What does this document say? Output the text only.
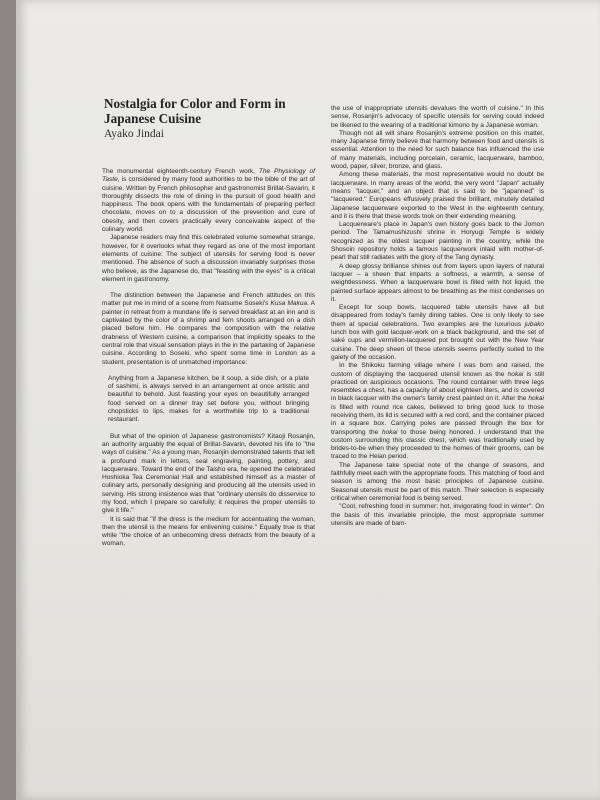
Nostalgia for Color and Form in Japanese Cuisine
Ayako Jindai

The monumental eighteenth-century French work, The Physiology of Taste, is considered by many food authorities to be the bible of the art of cuisine. Written by French philosopher and gastronomist Brillat-Savarin, it thoroughly dissects the role of dining in the pursuit of good health and happiness. The book opens with the fundamentals of preparing perfect chocolate, moves on to a discussion of the prevention and cure of obesity, and then covers practically every conceivable aspect of the culinary world.

Japanese readers may find this celebrated volume somewhat strange, however, for it overlooks what they regard as one of the most important elements of cuisine: The subject of utensils for serving food is never mentioned. The absence of such a discussion invariably surprises those who believe, as the Japanese do, that ''feasting with the eyes'' is a critical element in gastronomy.

The distinction between the Japanese and French attitudes on this matter put me in mind of a scene from Natsume Soseki's Kusa Makua. A painter in retreat from a mundane life is served breakfast at an inn and is captivated by the color of a shrimp and fern shoots arranged on a dish placed before him. He compares the composition with the relative drabness of Western cuisine, a comparison that implicitly speaks to the central role that visual sensation plays in the in the partaking of Japanese cuisine. According to Soseki, who spent some time in London as a student, presentation is of unmatched importance:

Anything from a Japanese kitchen, be it soup, a side dish, or a plate of sashimi, is always served in an arrangement at once artistic and beautiful to behold. Just feasting your eyes on beautifully arranged food served on a dinner tray set before you, without bringing chopsticks to lips, makes for a worthwhile trip to a traditional restaurant.

But what of the opinion of Japanese gastronomists? Kitaoji Rosanjin, an authority arguably the equal of Brillat-Savarin, devoted his life to ''the ways of cuisine.'' As a young man, Rosanjin demonstrated talents that left a profound mark in letters, seal engraving, painting, pottery, and lacquerware. Toward the end of the Taisho era, he opened the celebrated Hoshioka Tea Ceremonial Hall and established himself as a master of culinary arts, personally designing and producing all the utensils used in serving. His strong insistence was that ''ordinary utensils do disservice to my food, which I prepare so carefully; it requires the proper utensils to give it life.''

It is said that ''if the dress is the medium for accentuating the woman, then the utensil is the means for enlivening cuisine.'' Equally true is that while ''the choice of an unbecoming dress detracts from the beauty of a woman,

the use of inappropriate utensils devalues the worth of cuisine.'' In this sense, Rosanjin's advocacy of specific utensils for serving could indeed be likened to the wearing of a traditional kimono by a Japanese woman.

Though not all will share Rosanjin's extreme position on this matter, many Japanese firmly believe that harmony between food and utensils is essential. Attention to the need for such balance has influenced the use of many materials, including porcelain, ceramic, lacquerware, bamboo, wood, paper, silver, bronze, and glass.

Among these materials, the most representative would no doubt be lacquerware. In many areas of the world, the very word ''Japan'' actually means ''lacquer,'' and an object that is said to be ''japanned'' is ''lacquered.'' Europeans effusively praised the brilliant, minutely detailed Japanese lacquerware exported to the West in the eighteenth century, and it is there that these words took on their extending meaning.

Lacquerware's place in Japan's own history goes back to the Jomon period. The Tamamushizushi shrine in Horyugi Temple is widely recognized as the oldest lacquer painting in the country, while the Shosoin repository holds a famous lacquerwork inlaid with mother-of-pearl that still radiates with the glory of the Tang dynasty.

A deep glossy brilliance shines out from layers upon layers of natural lacquer – a sheen that imparts a softness, a warmth, a sense of weightlessness. When a lacquerware bowl is filled with hot liquid, the painted surface appears almost to be breathing as the mist condenses on it.

Except for soup bowls, lacquered table utensils have all but disappeared from today's family dining tables. One is only likely to see them at special celebrations. Two examples are the luxurious jubako lunch box with gold lacquer-work on a black background, and the set of saké cups and vermilion-lacquered pot brought out with the New Year cuisine. The deep sheen of these utensils seems perfectly suited to the gaiety of the occasion.

In the Shikoku farming village where I was born and raised, the custom of displaying the lacquered utensil known as the hokai is still practiced on auspicious occasions. The round container with three legs resembles a chest, has a capacity of about eighteen liters, and is covered in black lacquer with the owner's family crest painted on it. After the hokai is filled with round rice cakes, believed to bring good luck to those receiving them, its lid is secured with a red cord, and the container placed in a square box. Carrying poles are passed through the box for transporting the hokai to those being honored. I understand that the custom surrounding this classic chest, which was traditionally used by brides-to-be when they proceeded to the homes of their grooms, can be traced to the Heian period.

The Japanese take special note of the change of seasons, and faithfully meet each with the appropriate foods. This matching of food and season is among the most basic principles of Japanese cuisine. Seasonal utensils must be part of this match. Their selection is especially critical when ceremonial food is being served.

''Cool, refreshing food in summer; hot, invigorating food in winter'': On the basis of this invariable principle, the most appropriate summer utensils are made of bam-
